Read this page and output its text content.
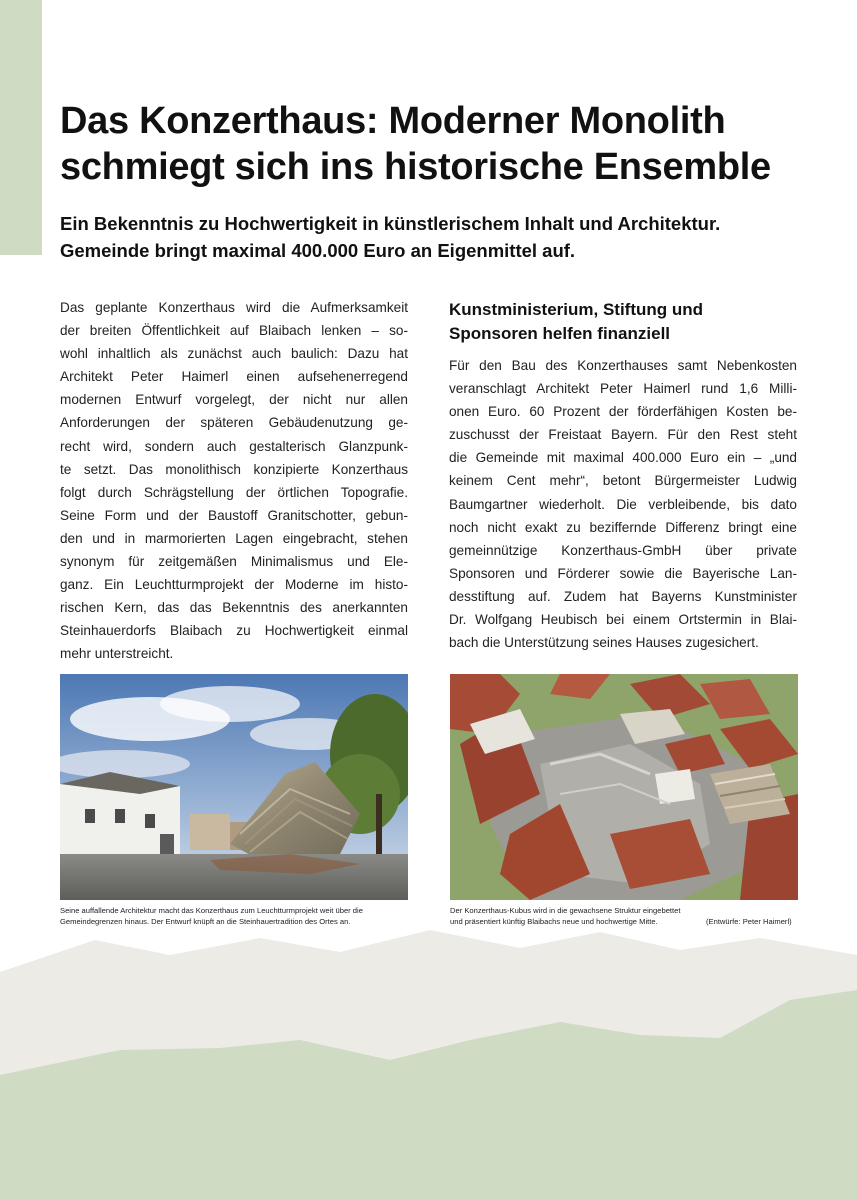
Das Konzerthaus: Moderner Monolith
schmiegt sich ins historische Ensemble
Ein Bekenntnis zu Hochwertigkeit in künstlerischem Inhalt und Architektur.
Gemeinde bringt maximal 400.000 Euro an Eigenmittel auf.
Das geplante Konzerthaus wird die Aufmerksamkeit
der breiten Öffentlichkeit auf Blaibach lenken – so-
wohl inhaltlich als zunächst auch baulich: Dazu hat
Architekt Peter Haimerl einen aufsehenerregend
modernen Entwurf vorgelegt, der nicht nur allen
Anforderungen der späteren Gebäudenutzung ge-
recht wird, sondern auch gestalterisch Glanzpunk-
te setzt. Das monolithisch konzipierte Konzerthaus
folgt durch Schrägstellung der örtlichen Topografie.
Seine Form und der Baustoff Granitschotter, gebun-
den und in marmorierten Lagen eingebracht, stehen
synonym für zeitgemäßen Minimalismus und Ele-
ganz. Ein Leuchtturmprojekt der Moderne im histo-
rischen Kern, das das Bekenntnis des anerkannten
Steinhauerdorfs Blaibach zu Hochwertigkeit einmal
mehr unterstreicht.
Kunstministerium, Stiftung und
Sponsoren helfen finanziell
Für den Bau des Konzerthauses samt Nebenkosten
veranschlagt Architekt Peter Haimerl rund 1,6 Milli-
onen Euro. 60 Prozent der förderfähigen Kosten be-
zuschusst der Freistaat Bayern. Für den Rest steht
die Gemeinde mit maximal 400.000 Euro ein – „und
keinem Cent mehr“, betont Bürgermeister Ludwig
Baumgartner wiederholt. Die verbleibende, bis dato
noch nicht exakt zu beziffernde Differenz bringt eine
gemeinnützige Konzerthaus-GmbH über private
Sponsoren und Förderer sowie die Bayerische Lan-
desstiftung auf. Zudem hat Bayerns Kunstminister
Dr. Wolfgang Heubisch bei einem Ortstermin in Blai-
bach die Unterstützung seines Hauses zugesichert.
Seine auffallende Architektur macht das Konzerthaus zum Leuchtturmprojekt weit über die
Gemeindegrenzen hinaus. Der Entwurf knüpft an die Steinhauertradition des Ortes an.
Der Konzerthaus-Kubus wird in die gewachsene Struktur eingebettet
und präsentiert künftig Blaibachs neue und hochwertige Mitte.	(Entwürfe: Peter Haimerl)
